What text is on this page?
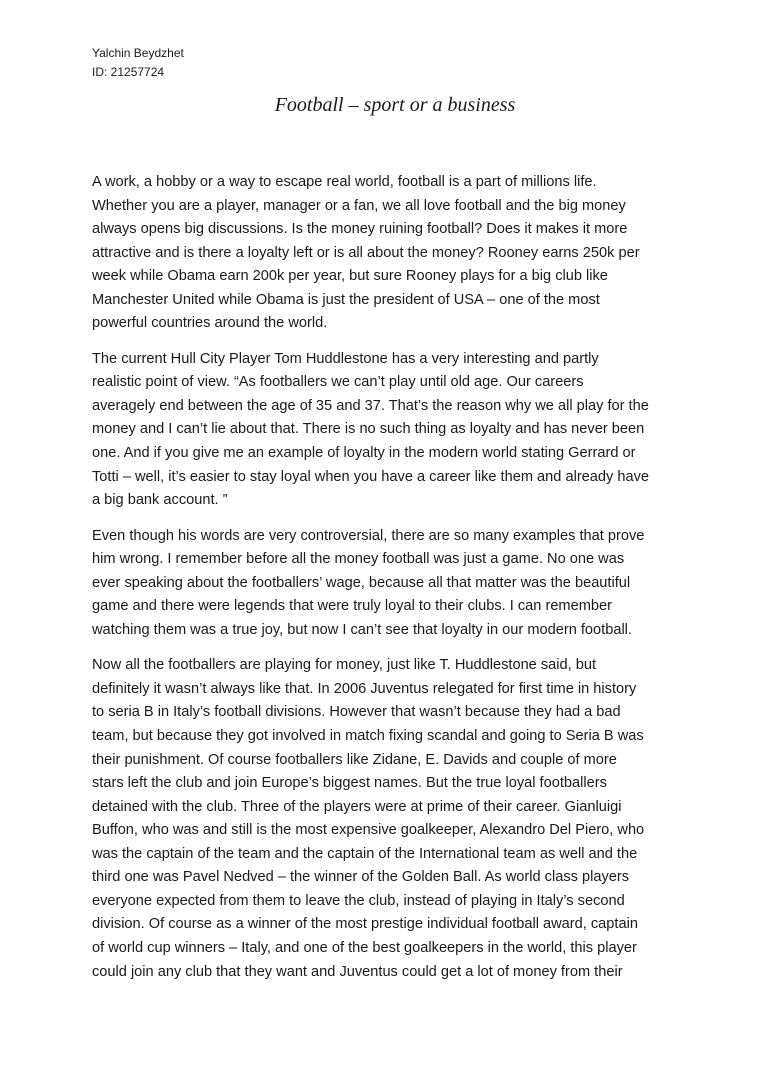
Yalchin Beydzhet
ID: 21257724
Football – sport or a business

A work, a hobby or a way to escape real world, football is a part of millions life.
Whether you are a player, manager or a fan, we all love football and the big money
always opens big discussions. Is the money ruining football? Does it makes it more
attractive and is there a loyalty left or is all about the money? Rooney earns 250k per
week while Obama earn 200k per year, but sure Rooney plays for a big club like
Manchester United while Obama is just the president of USA – one of the most
powerful countries around the world.

The current Hull City Player Tom Huddlestone has a very interesting and partly
realistic point of view. “As footballers we can’t play until old age. Our careers
averagely end between the age of 35 and 37. That’s the reason why we all play for the
money and I can’t lie about that. There is no such thing as loyalty and has never been
one. And if you give me an example of loyalty in the modern world stating Gerrard or
Totti – well, it’s easier to stay loyal when you have a career like them and already have
a big bank account. ”

Even though his words are very controversial, there are so many examples that prove
him wrong. I remember before all the money football was just a game. No one was
ever speaking about the footballers’ wage, because all that matter was the beautiful
game and there were legends that were truly loyal to their clubs. I can remember
watching them was a true joy, but now I can’t see that loyalty in our modern football.

Now all the footballers are playing for money, just like T. Huddlestone said, but
definitely it wasn’t always like that. In 2006 Juventus relegated for first time in history
to seria B in Italy’s football divisions. However that wasn’t because they had a bad
team, but because they got involved in match fixing scandal and going to Seria B was
their punishment. Of course footballers like Zidane, E. Davids and couple of more
stars left the club and join Europe’s biggest names. But the true loyal footballers
detained with the club. Three of the players were at prime of their career. Gianluigi
Buffon, who was and still is the most expensive goalkeeper, Alexandro Del Piero, who
was the captain of the team and the captain of the International team as well and the
third one was Pavel Nedved – the winner of the Golden Ball. As world class players
everyone expected from them to leave the club, instead of playing in Italy’s second
division. Of course as a winner of the most prestige individual football award, captain
of world cup winners – Italy, and one of the best goalkeepers in the world, this player
could join any club that they want and Juventus could get a lot of money from their
